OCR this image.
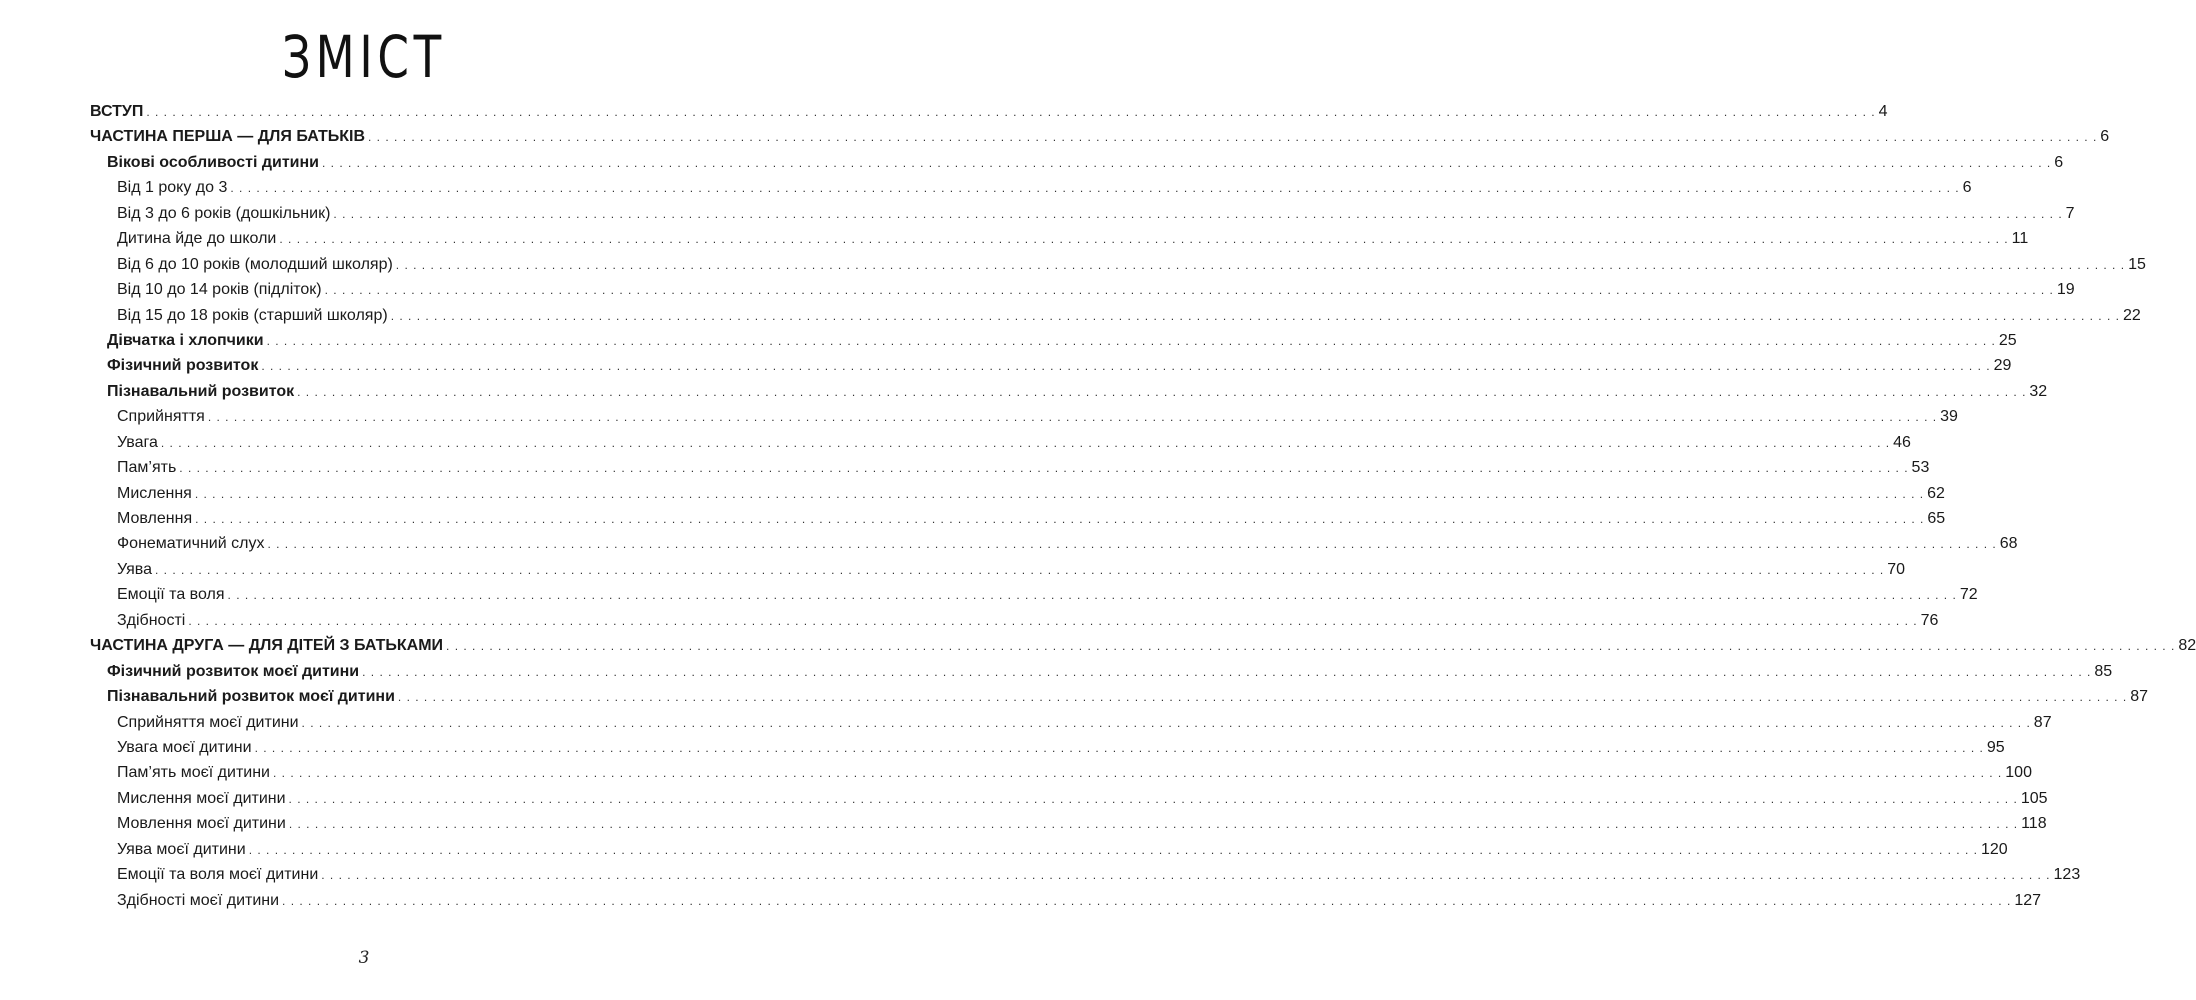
ЗМІСТ
ВСТУП . . . . . . . . . . . . . . . . . . . . . . . . . . . . . . . . . . . . . . . . . . . . . . . . . . . . . . . . . . . . . . . . . . . . . . . . . . . . . . . . . . . . . . . . . . . . . . . . . . . . . . . . . . . . . . . . . . . . . . . . . . . . . . . . . . . . . . . . . . . . . . . . . . . . . . . . . . . . . . . . . . . . . . . . . . . . . . . . . . . . . . . . . . . . . . . . . . . . . . . . 4
ЧАСТИНА ПЕРША — ДЛЯ БАТЬКІВ . . . . . . . . . . . . . . . . . . . . . . . . . . . . . . . . . . . . . . . . . . . . . . . . . . . . . . . . . . . . . . . . . . . . . . . . . . . . . . . . . . . . . . . . . . . . . . . . . . . . . . . . . . . . . . . . . . . . . . . . . . . . . . . . . . . . . . . . . . . . . . . . . . . . . . . . . . . . . . . . . . . . . . . . . . . . . . . . . . . . . . . . . . . . . . . . . . . . . . . . 6
Вікові особливості дитини . . . . . . . . . . . . . . . . . . . . . . . . . . . . . . . . . . . . . . . . . . . . . . . . . . . . . . . . . . . . . . . . . . . . . . . . . . . . . . . . . . . . . . . . . . . . . . . . . . . . . . . . . . . . . . . . . . . . . . . . . . . . . . . . . . . . . . . . . . . . . . . . . . . . . . . . . . . . . . . . . . . . . . . . . . . . . . . . . . . . . . . . . . . . . . . . . . . . . . . . 6
Від 1 року до 3 . . . . . . . . . . . . . . . . . . . . . . . . . . . . . . . . . . . . . . . . . . . . . . . . . . . . . . . . . . . . . . . . . . . . . . . . . . . . . . . . . . . . . . . . . . . . . . . . . . . . . . . . . . . . . . . . . . . . . . . . . . . . . . . . . . . . . . . . . . . . . . . . . . . . . . . . . . . . . . . . . . . . . . . . . . . . . . . . . . . . . . . . . . . . . . . . . . . . . . . . 6
Від 3 до 6 років (дошкільник) . . . . . . . . . . . . . . . . . . . . . . . . . . . . . . . . . . . . . . . . . . . . . . . . . . . . . . . . . . . . . . . . . . . . . . . . . . . . . . . . . . . . . . . . . . . . . . . . . . . . . . . . . . . . . . . . . . . . . . . . . . . . . . . . . . . . . . . . . . . . . . . . . . . . . . . . . . . . . . . . . . . . . . . . . . . . . . . . . . . . . . . . . . . . . . . . . . . . . . . . 7
Дитина йде до школи . . . . . . . . . . . . . . . . . . . . . . . . . . . . . . . . . . . . . . . . . . . . . . . . . . . . . . . . . . . . . . . . . . . . . . . . . . . . . . . . . . . . . . . . . . . . . . . . . . . . . . . . . . . . . . . . . . . . . . . . . . . . . . . . . . . . . . . . . . . . . . . . . . . . . . . . . . . . . . . . . . . . . . . . . . . . . . . . . . . . . . . . . . . . . . . . . . . . . . . . 11
Від 6 до 10 років (молодший школяр) . . . . . . . . . . . . . . . . . . . . . . . . . . . . . . . . . . . . . . . . . . . . . . . . . . . . . . . . . . . . . . . . . . . . . . . . . . . . . . . . . . . . . . . . . . . . . . . . . . . . . . . . . . . . . . . . . . . . . . . . . . . . . . . . . . . . . . . . . . . . . . . . . . . . . . . . . . . . . . . . . . . . . . . . . . . . . . . . . . . . . . . . . . . . . . . . . . . . . . . . 15
Від 10 до 14 років (підліток) . . . . . . . . . . . . . . . . . . . . . . . . . . . . . . . . . . . . . . . . . . . . . . . . . . . . . . . . . . . . . . . . . . . . . . . . . . . . . . . . . . . . . . . . . . . . . . . . . . . . . . . . . . . . . . . . . . . . . . . . . . . . . . . . . . . . . . . . . . . . . . . . . . . . . . . . . . . . . . . . . . . . . . . . . . . . . . . . . . . . . . . . . . . . . . . . . . . . . . . . 19
Від 15 до 18 років (старший школяр) . . . . . . . . . . . . . . . . . . . . . . . . . . . . . . . . . . . . . . . . . . . . . . . . . . . . . . . . . . . . . . . . . . . . . . . . . . . . . . . . . . . . . . . . . . . . . . . . . . . . . . . . . . . . . . . . . . . . . . . . . . . . . . . . . . . . . . . . . . . . . . . . . . . . . . . . . . . . . . . . . . . . . . . . . . . . . . . . . . . . . . . . . . . . . . . . . . . . . . . . 22
Дівчатка і хлопчики . . . . . . . . . . . . . . . . . . . . . . . . . . . . . . . . . . . . . . . . . . . . . . . . . . . . . . . . . . . . . . . . . . . . . . . . . . . . . . . . . . . . . . . . . . . . . . . . . . . . . . . . . . . . . . . . . . . . . . . . . . . . . . . . . . . . . . . . . . . . . . . . . . . . . . . . . . . . . . . . . . . . . . . . . . . . . . . . . . . . . . . . . . . . . . . . . . . . . . . . 25
Фізичний розвиток . . . . . . . . . . . . . . . . . . . . . . . . . . . . . . . . . . . . . . . . . . . . . . . . . . . . . . . . . . . . . . . . . . . . . . . . . . . . . . . . . . . . . . . . . . . . . . . . . . . . . . . . . . . . . . . . . . . . . . . . . . . . . . . . . . . . . . . . . . . . . . . . . . . . . . . . . . . . . . . . . . . . . . . . . . . . . . . . . . . . . . . . . . . . . . . . . . . . . . . . 29
Пізнавальний розвиток . . . . . . . . . . . . . . . . . . . . . . . . . . . . . . . . . . . . . . . . . . . . . . . . . . . . . . . . . . . . . . . . . . . . . . . . . . . . . . . . . . . . . . . . . . . . . . . . . . . . . . . . . . . . . . . . . . . . . . . . . . . . . . . . . . . . . . . . . . . . . . . . . . . . . . . . . . . . . . . . . . . . . . . . . . . . . . . . . . . . . . . . . . . . . . . . . . . . . . . . 32
Сприйняття . . . . . . . . . . . . . . . . . . . . . . . . . . . . . . . . . . . . . . . . . . . . . . . . . . . . . . . . . . . . . . . . . . . . . . . . . . . . . . . . . . . . . . . . . . . . . . . . . . . . . . . . . . . . . . . . . . . . . . . . . . . . . . . . . . . . . . . . . . . . . . . . . . . . . . . . . . . . . . . . . . . . . . . . . . . . . . . . . . . . . . . . . . . . . . . . . . . . . . . . 39
Увага . . . . . . . . . . . . . . . . . . . . . . . . . . . . . . . . . . . . . . . . . . . . . . . . . . . . . . . . . . . . . . . . . . . . . . . . . . . . . . . . . . . . . . . . . . . . . . . . . . . . . . . . . . . . . . . . . . . . . . . . . . . . . . . . . . . . . . . . . . . . . . . . . . . . . . . . . . . . . . . . . . . . . . . . . . . . . . . . . . . . . . . . . . . . . . . . . . . . . . . . 46
Пам’ять . . . . . . . . . . . . . . . . . . . . . . . . . . . . . . . . . . . . . . . . . . . . . . . . . . . . . . . . . . . . . . . . . . . . . . . . . . . . . . . . . . . . . . . . . . . . . . . . . . . . . . . . . . . . . . . . . . . . . . . . . . . . . . . . . . . . . . . . . . . . . . . . . . . . . . . . . . . . . . . . . . . . . . . . . . . . . . . . . . . . . . . . . . . . . . . . . . . . . . . . 53
Мислення . . . . . . . . . . . . . . . . . . . . . . . . . . . . . . . . . . . . . . . . . . . . . . . . . . . . . . . . . . . . . . . . . . . . . . . . . . . . . . . . . . . . . . . . . . . . . . . . . . . . . . . . . . . . . . . . . . . . . . . . . . . . . . . . . . . . . . . . . . . . . . . . . . . . . . . . . . . . . . . . . . . . . . . . . . . . . . . . . . . . . . . . . . . . . . . . . . . . . . . . 62
Мовлення . . . . . . . . . . . . . . . . . . . . . . . . . . . . . . . . . . . . . . . . . . . . . . . . . . . . . . . . . . . . . . . . . . . . . . . . . . . . . . . . . . . . . . . . . . . . . . . . . . . . . . . . . . . . . . . . . . . . . . . . . . . . . . . . . . . . . . . . . . . . . . . . . . . . . . . . . . . . . . . . . . . . . . . . . . . . . . . . . . . . . . . . . . . . . . . . . . . . . . . . 65
Фонематичний слух . . . . . . . . . . . . . . . . . . . . . . . . . . . . . . . . . . . . . . . . . . . . . . . . . . . . . . . . . . . . . . . . . . . . . . . . . . . . . . . . . . . . . . . . . . . . . . . . . . . . . . . . . . . . . . . . . . . . . . . . . . . . . . . . . . . . . . . . . . . . . . . . . . . . . . . . . . . . . . . . . . . . . . . . . . . . . . . . . . . . . . . . . . . . . . . . . . . . . . . . 68
Уява . . . . . . . . . . . . . . . . . . . . . . . . . . . . . . . . . . . . . . . . . . . . . . . . . . . . . . . . . . . . . . . . . . . . . . . . . . . . . . . . . . . . . . . . . . . . . . . . . . . . . . . . . . . . . . . . . . . . . . . . . . . . . . . . . . . . . . . . . . . . . . . . . . . . . . . . . . . . . . . . . . . . . . . . . . . . . . . . . . . . . . . . . . . . . . . . . . . . . . . . 70
Емоції та воля . . . . . . . . . . . . . . . . . . . . . . . . . . . . . . . . . . . . . . . . . . . . . . . . . . . . . . . . . . . . . . . . . . . . . . . . . . . . . . . . . . . . . . . . . . . . . . . . . . . . . . . . . . . . . . . . . . . . . . . . . . . . . . . . . . . . . . . . . . . . . . . . . . . . . . . . . . . . . . . . . . . . . . . . . . . . . . . . . . . . . . . . . . . . . . . . . . . . . . . . 72
Здібності . . . . . . . . . . . . . . . . . . . . . . . . . . . . . . . . . . . . . . . . . . . . . . . . . . . . . . . . . . . . . . . . . . . . . . . . . . . . . . . . . . . . . . . . . . . . . . . . . . . . . . . . . . . . . . . . . . . . . . . . . . . . . . . . . . . . . . . . . . . . . . . . . . . . . . . . . . . . . . . . . . . . . . . . . . . . . . . . . . . . . . . . . . . . . . . . . . . . . . . . 76
ЧАСТИНА ДРУГА — ДЛЯ ДІТЕЙ З БАТЬКАМИ . . . . . . . . . . . . . . . . . . . . . . . . . . . . . . . . . . . . . . . . . . . . . . . . . . . . . . . . . . . . . . . . . . . . . . . . . . . . . . . . . . . . . . . . . . . . . . . . . . . . . . . . . . . . . . . . . . . . . . . . . . . . . . . . . . . . . . . . . . . . . . . . . . . . . . . . . . . . . . . . . . . . . . . . . . . . . . . . . . . . . . . . . . . . . . . . . . . . . . . . 82
Фізичний розвиток моєї дитини . . . . . . . . . . . . . . . . . . . . . . . . . . . . . . . . . . . . . . . . . . . . . . . . . . . . . . . . . . . . . . . . . . . . . . . . . . . . . . . . . . . . . . . . . . . . . . . . . . . . . . . . . . . . . . . . . . . . . . . . . . . . . . . . . . . . . . . . . . . . . . . . . . . . . . . . . . . . . . . . . . . . . . . . . . . . . . . . . . . . . . . . . . . . . . . . . . . . . . . . 85
Пізнавальний розвиток моєї дитини . . . . . . . . . . . . . . . . . . . . . . . . . . . . . . . . . . . . . . . . . . . . . . . . . . . . . . . . . . . . . . . . . . . . . . . . . . . . . . . . . . . . . . . . . . . . . . . . . . . . . . . . . . . . . . . . . . . . . . . . . . . . . . . . . . . . . . . . . . . . . . . . . . . . . . . . . . . . . . . . . . . . . . . . . . . . . . . . . . . . . . . . . . . . . . . . . . . . . . . . 87
Сприйняття моєї дитини . . . . . . . . . . . . . . . . . . . . . . . . . . . . . . . . . . . . . . . . . . . . . . . . . . . . . . . . . . . . . . . . . . . . . . . . . . . . . . . . . . . . . . . . . . . . . . . . . . . . . . . . . . . . . . . . . . . . . . . . . . . . . . . . . . . . . . . . . . . . . . . . . . . . . . . . . . . . . . . . . . . . . . . . . . . . . . . . . . . . . . . . . . . . . . . . . . . . . . . . 87
Увага моєї дитини . . . . . . . . . . . . . . . . . . . . . . . . . . . . . . . . . . . . . . . . . . . . . . . . . . . . . . . . . . . . . . . . . . . . . . . . . . . . . . . . . . . . . . . . . . . . . . . . . . . . . . . . . . . . . . . . . . . . . . . . . . . . . . . . . . . . . . . . . . . . . . . . . . . . . . . . . . . . . . . . . . . . . . . . . . . . . . . . . . . . . . . . . . . . . . . . . . . . . . . . 95
Пам’ять моєї дитини . . . . . . . . . . . . . . . . . . . . . . . . . . . . . . . . . . . . . . . . . . . . . . . . . . . . . . . . . . . . . . . . . . . . . . . . . . . . . . . . . . . . . . . . . . . . . . . . . . . . . . . . . . . . . . . . . . . . . . . . . . . . . . . . . . . . . . . . . . . . . . . . . . . . . . . . . . . . . . . . . . . . . . . . . . . . . . . . . . . . . . . . . . . . . . . . . . . . . . . . 100
Мислення моєї дитини . . . . . . . . . . . . . . . . . . . . . . . . . . . . . . . . . . . . . . . . . . . . . . . . . . . . . . . . . . . . . . . . . . . . . . . . . . . . . . . . . . . . . . . . . . . . . . . . . . . . . . . . . . . . . . . . . . . . . . . . . . . . . . . . . . . . . . . . . . . . . . . . . . . . . . . . . . . . . . . . . . . . . . . . . . . . . . . . . . . . . . . . . . . . . . . . . . . . . . . . 105
Мовлення моєї дитини . . . . . . . . . . . . . . . . . . . . . . . . . . . . . . . . . . . . . . . . . . . . . . . . . . . . . . . . . . . . . . . . . . . . . . . . . . . . . . . . . . . . . . . . . . . . . . . . . . . . . . . . . . . . . . . . . . . . . . . . . . . . . . . . . . . . . . . . . . . . . . . . . . . . . . . . . . . . . . . . . . . . . . . . . . . . . . . . . . . . . . . . . . . . . . . . . . . . . . . . 118
Уява моєї дитини . . . . . . . . . . . . . . . . . . . . . . . . . . . . . . . . . . . . . . . . . . . . . . . . . . . . . . . . . . . . . . . . . . . . . . . . . . . . . . . . . . . . . . . . . . . . . . . . . . . . . . . . . . . . . . . . . . . . . . . . . . . . . . . . . . . . . . . . . . . . . . . . . . . . . . . . . . . . . . . . . . . . . . . . . . . . . . . . . . . . . . . . . . . . . . . . . . . . . . . . 120
Емоції та воля моєї дитини . . . . . . . . . . . . . . . . . . . . . . . . . . . . . . . . . . . . . . . . . . . . . . . . . . . . . . . . . . . . . . . . . . . . . . . . . . . . . . . . . . . . . . . . . . . . . . . . . . . . . . . . . . . . . . . . . . . . . . . . . . . . . . . . . . . . . . . . . . . . . . . . . . . . . . . . . . . . . . . . . . . . . . . . . . . . . . . . . . . . . . . . . . . . . . . . . . . . . . . . 123
Здібності моєї дитини . . . . . . . . . . . . . . . . . . . . . . . . . . . . . . . . . . . . . . . . . . . . . . . . . . . . . . . . . . . . . . . . . . . . . . . . . . . . . . . . . . . . . . . . . . . . . . . . . . . . . . . . . . . . . . . . . . . . . . . . . . . . . . . . . . . . . . . . . . . . . . . . . . . . . . . . . . . . . . . . . . . . . . . . . . . . . . . . . . . . . . . . . . . . . . . . . . . . . . . . 127
3
